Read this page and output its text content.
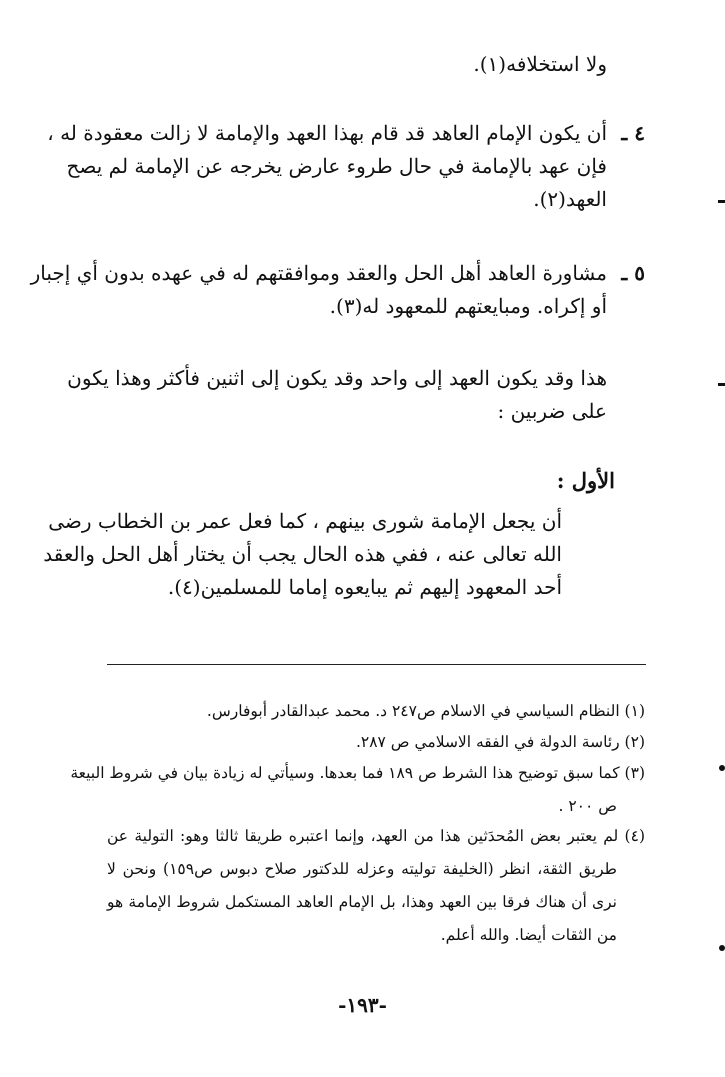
ولا استخلافه(١).
٤ ـ
أن يكون الإمام العاهد قد قام بهذا العهد والإمامة لا زالت معقودة له ،
فإن عهد بالإمامة في حال طروء عارض يخرجه عن الإمامة لم يصح
العهد(٢).
٥ ـ
مشاورة العاهد أهل الحل والعقد وموافقتهم له في عهده بدون أي إجبار
أو إكراه. ومبايعتهم للمعهود له(٣).
هذا وقد يكون العهد إلى واحد وقد يكون إلى اثنين فأكثر وهذا يكون
على ضربين :
الأول :
أن يجعل الإمامة شورى بينهم ، كما فعل عمر بن الخطاب رضى
الله تعالى عنه ، ففي هذه الحال يجب أن يختار أهل الحل والعقد
أحد المعهود إليهم ثم يبايعوه إماما للمسلمين(٤).
(١) النظام السياسي في الاسلام ص٢٤٧ د. محمد عبدالقادر أبوفارس.
(٢) رئاسة الدولة في الفقه الاسلامي ص ٢٨٧.
(٣) كما سبق توضيح هذا الشرط ص ١٨٩ فما بعدها. وسيأتي له زيادة بيان في شروط البيعة
ص ٢٠٠ .
(٤) لم يعتبر بعض المُحدَثين هذا من العهد، وإنما اعتبره طريقا ثالثا وهو: التولية عن
طريق الثقة، انظر (الخليفة توليته وعزله للدكتور صلاح دبوس ص١٥٩) ونحن لا
نرى أن هناك فرقا بين العهد وهذا، بل الإمام العاهد المستكمل شروط الإمامة هو
من الثقات أيضا. والله أعلم.
-١٩٣-
